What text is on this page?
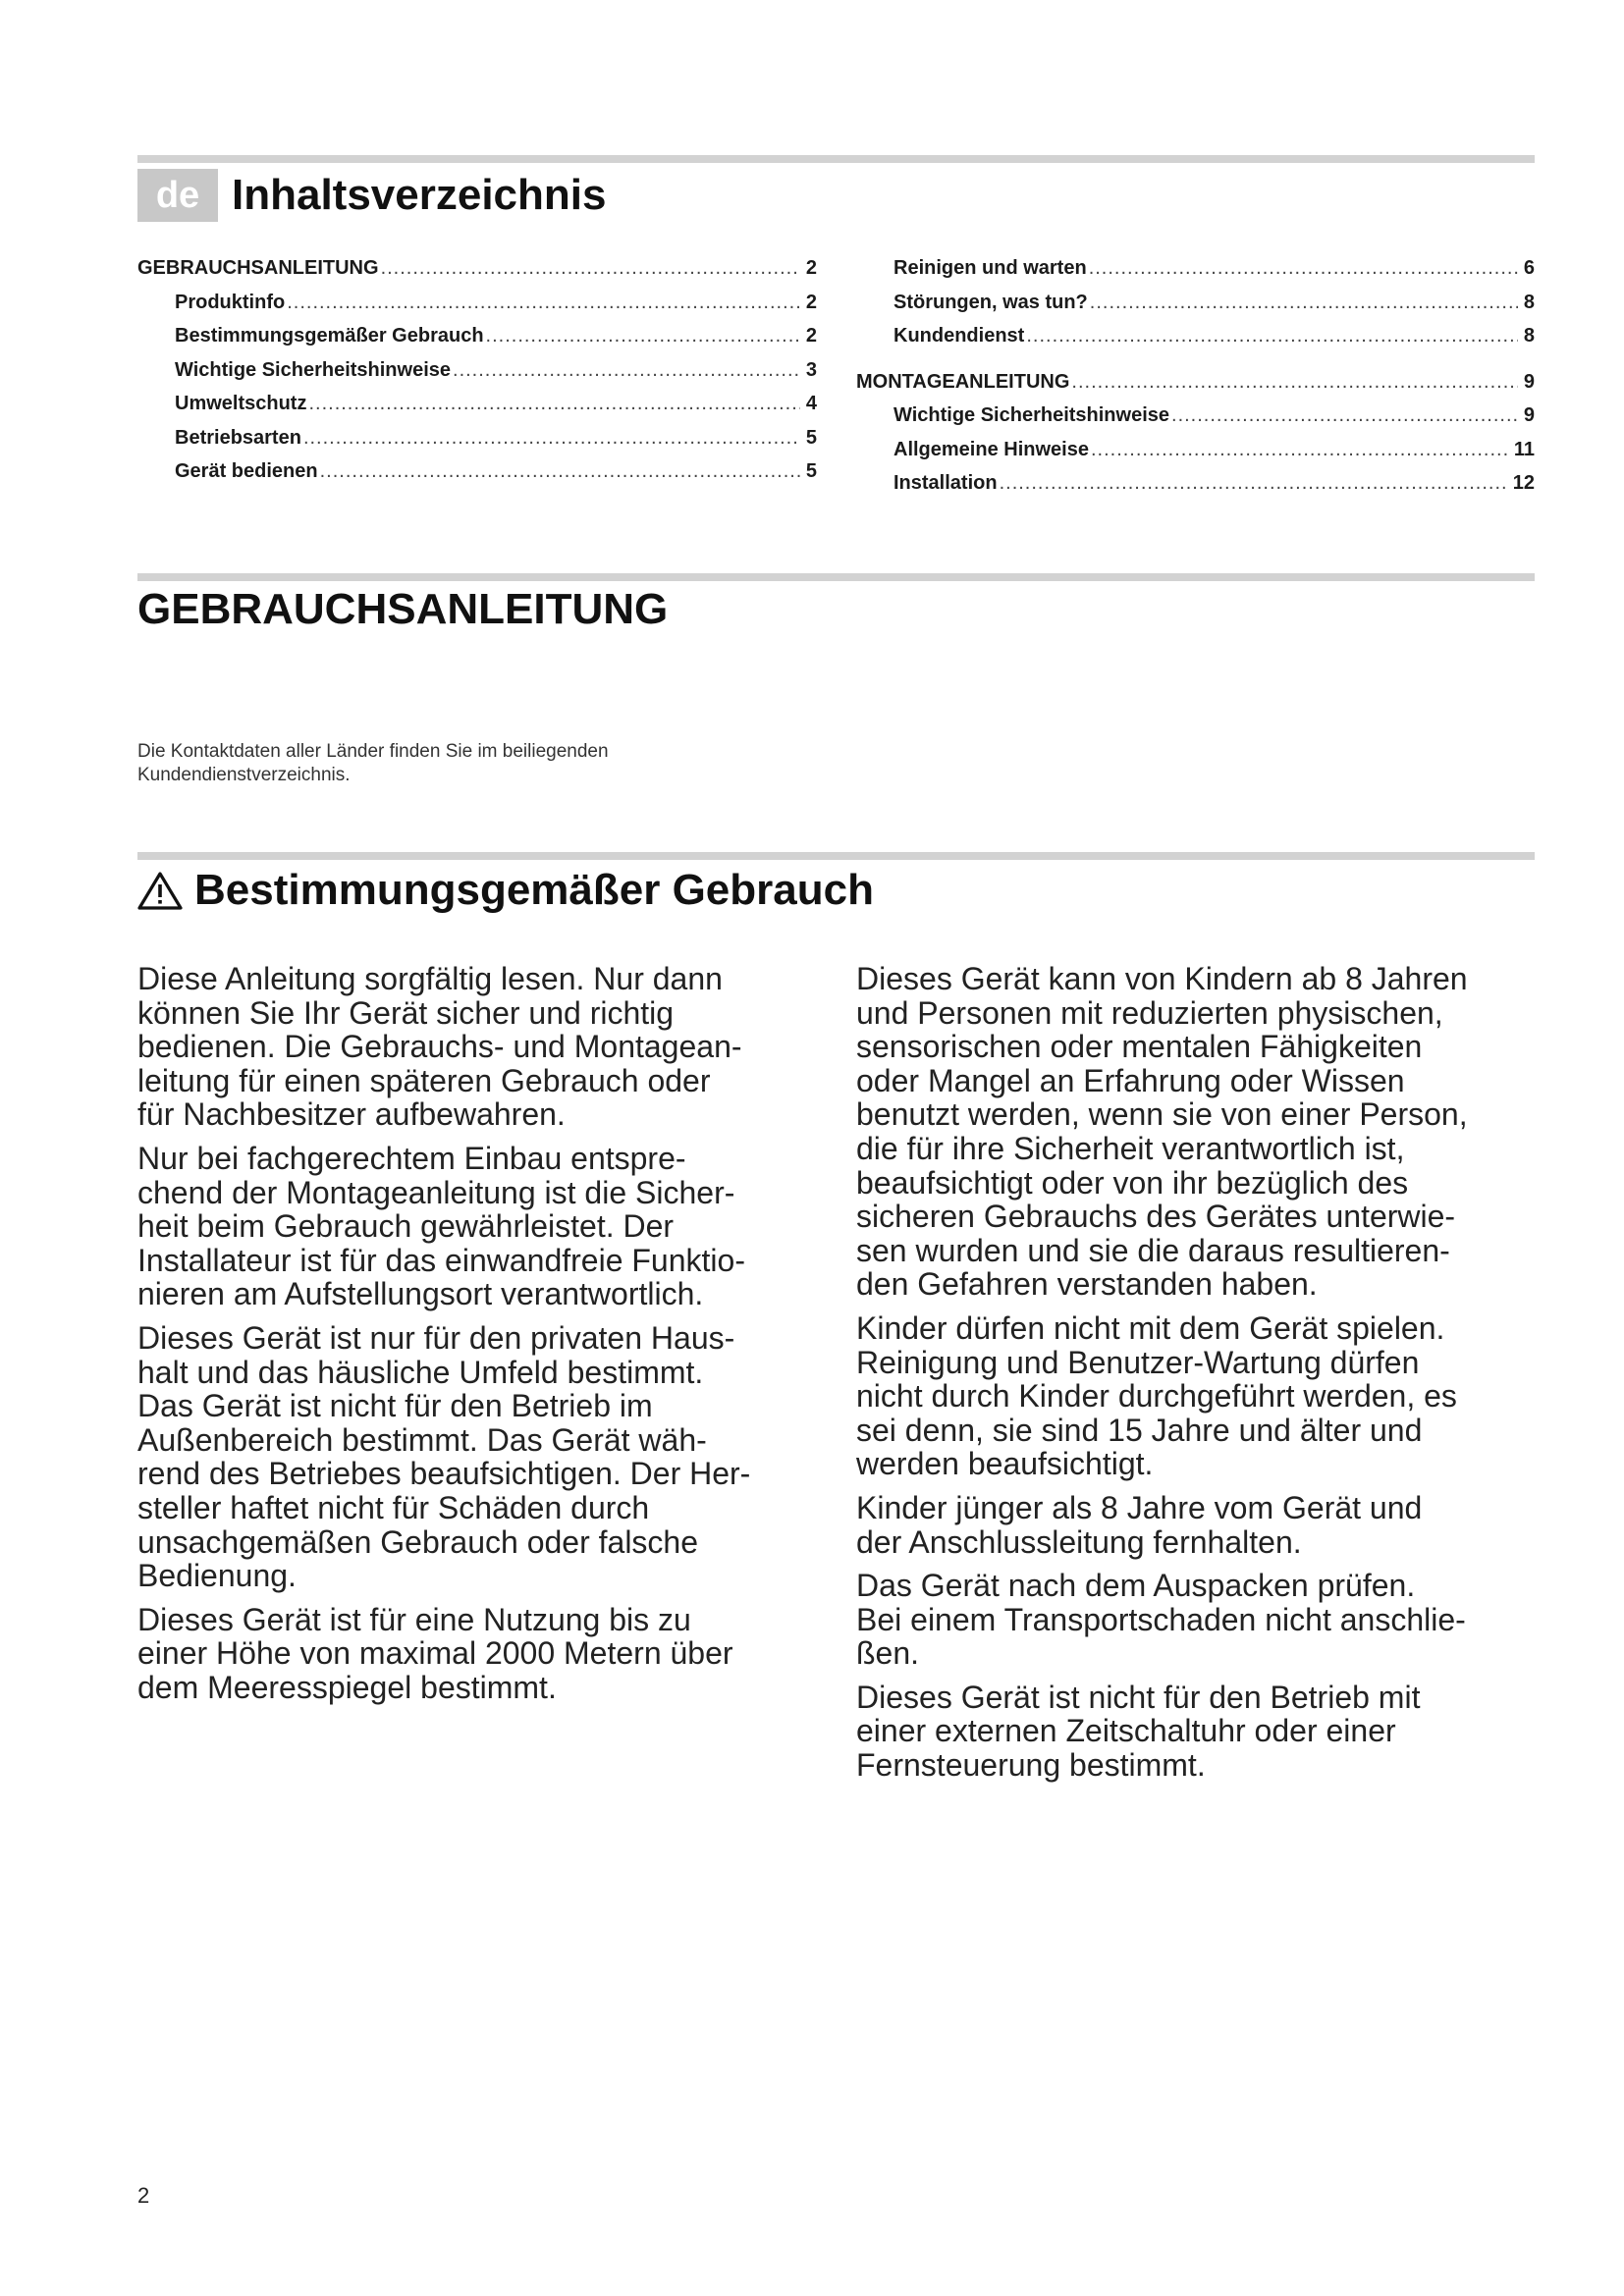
de Inhaltsverzeichnis
GEBRAUCHSANLEITUNG .....	2
Produktinfo .....	2
Bestimmungsgemäßer Gebrauch .....	2
Wichtige Sicherheitshinweise .....	3
Umweltschutz .....	4
Betriebsarten .....	5
Gerät bedienen .....	5
Reinigen und warten .....	6
Störungen, was tun? .....	8
Kundendienst .....	8
MONTAGEANLEITUNG .....	9
Wichtige Sicherheitshinweise .....	9
Allgemeine Hinweise .....	11
Installation .....	12
GEBRAUCHSANLEITUNG
Die Kontaktdaten aller Länder finden Sie im beiliegenden Kundendienstverzeichnis.
Bestimmungsgemäßer Gebrauch

Diese Anleitung sorgfältig lesen. Nur dann
können Sie Ihr Gerät sicher und richtig
bedienen. Die Gebrauchs- und Montagean-
leitung für einen späteren Gebrauch oder
für Nachbesitzer aufbewahren.

Nur bei fachgerechtem Einbau entspre-
chend der Montageanleitung ist die Sicher-
heit beim Gebrauch gewährleistet. Der
Installateur ist für das einwandfreie Funktio-
nieren am Aufstellungsort verantwortlich.

Dieses Gerät ist nur für den privaten Haus-
halt und das häusliche Umfeld bestimmt.
Das Gerät ist nicht für den Betrieb im
Außenbereich bestimmt. Das Gerät wäh-
rend des Betriebes beaufsichtigen. Der Her-
steller haftet nicht für Schäden durch
unsachgemäßen Gebrauch oder falsche
Bedienung.

Dieses Gerät ist für eine Nutzung bis zu
einer Höhe von maximal 2000 Metern über
dem Meeresspiegel bestimmt.

Dieses Gerät kann von Kindern ab 8 Jahren
und Personen mit reduzierten physischen,
sensorischen oder mentalen Fähigkeiten
oder Mangel an Erfahrung oder Wissen
benutzt werden, wenn sie von einer Person,
die für ihre Sicherheit verantwortlich ist,
beaufsichtigt oder von ihr bezüglich des
sicheren Gebrauchs des Gerätes unterwie-
sen wurden und sie die daraus resultieren-
den Gefahren verstanden haben.

Kinder dürfen nicht mit dem Gerät spielen.
Reinigung und Benutzer-Wartung dürfen
nicht durch Kinder durchgeführt werden, es
sei denn, sie sind 15 Jahre und älter und
werden beaufsichtigt.

Kinder jünger als 8 Jahre vom Gerät und
der Anschlussleitung fernhalten.

Das Gerät nach dem Auspacken prüfen.
Bei einem Transportschaden nicht anschlie-
ßen.

Dieses Gerät ist nicht für den Betrieb mit
einer externen Zeitschaltuhr oder einer
Fernsteuerung bestimmt.

2
